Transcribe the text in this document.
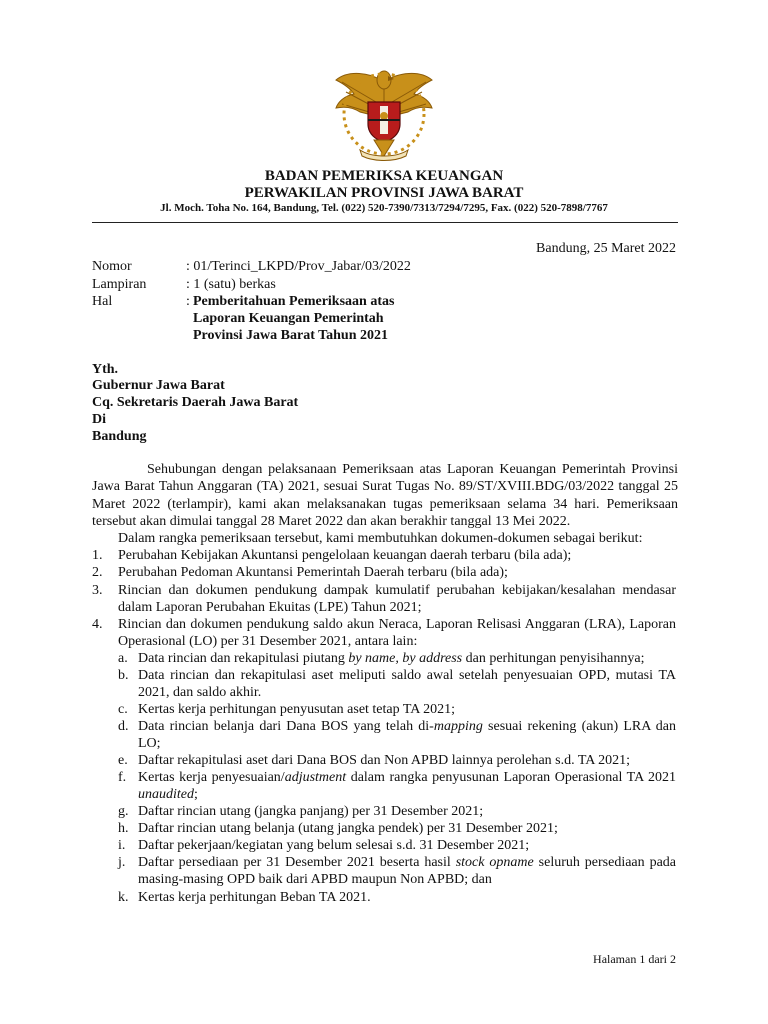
BADAN PEMERIKSA KEUANGAN
PERWAKILAN PROVINSI JAWA BARAT
Jl. Moch. Toha No. 164, Bandung, Tel. (022) 520-7390/7313/7294/7295, Fax. (022) 520-7898/7767
Bandung, 25 Maret 2022
Nomor	: 01/Terinci_LKPD/Prov_Jabar/03/2022
Lampiran	: 1 (satu) berkas
Hal	: Pemberitahuan Pemeriksaan atas
Laporan Keuangan Pemerintah
Provinsi Jawa Barat Tahun 2021
Yth.
Gubernur Jawa Barat
Cq. Sekretaris Daerah Jawa Barat
Di
Bandung
Sehubungan dengan pelaksanaan Pemeriksaan atas Laporan Keuangan Pemerintah Provinsi
Jawa Barat Tahun Anggaran (TA) 2021, sesuai Surat Tugas No. 89/ST/XVIII.BDG/03/2022 tanggal 25
Maret 2022 (terlampir), kami akan melaksanakan tugas pemeriksaan selama 34 hari. Pemeriksaan
tersebut akan dimulai tanggal 28 Maret 2022 dan akan berakhir tanggal 13 Mei 2022.
Dalam rangka pemeriksaan tersebut, kami membutuhkan dokumen-dokumen sebagai berikut:
1. Perubahan Kebijakan Akuntansi pengelolaan keuangan daerah terbaru (bila ada);
2. Perubahan Pedoman Akuntansi Pemerintah Daerah terbaru (bila ada);
3. Rincian dan dokumen pendukung dampak kumulatif perubahan kebijakan/kesalahan mendasar
dalam Laporan Perubahan Ekuitas (LPE) Tahun 2021;
4. Rincian dan dokumen pendukung saldo akun Neraca, Laporan Relisasi Anggaran (LRA), Laporan
Operasional (LO) per 31 Desember 2021, antara lain:
a. Data rincian dan rekapitulasi piutang by name, by address dan perhitungan penyisihannya;
b. Data rincian dan rekapitulasi aset meliputi saldo awal setelah penyesuaian OPD, mutasi TA
2021, dan saldo akhir.
c. Kertas kerja perhitungan penyusutan aset tetap TA 2021;
d. Data rincian belanja dari Dana BOS yang telah di-mapping sesuai rekening (akun) LRA dan
LO;
e. Daftar rekapitulasi aset dari Dana BOS dan Non APBD lainnya perolehan s.d. TA 2021;
f. Kertas kerja penyesuaian/adjustment dalam rangka penyusunan Laporan Operasional TA 2021
unaudited;
g. Daftar rincian utang (jangka panjang) per 31 Desember 2021;
h. Daftar rincian utang belanja (utang jangka pendek) per 31 Desember 2021;
i. Daftar pekerjaan/kegiatan yang belum selesai s.d. 31 Desember 2021;
j. Daftar persediaan per 31 Desember 2021 beserta hasil stock opname seluruh persediaan pada
masing-masing OPD baik dari APBD maupun Non APBD; dan
k. Kertas kerja perhitungan Beban TA 2021.
Halaman 1 dari 2
